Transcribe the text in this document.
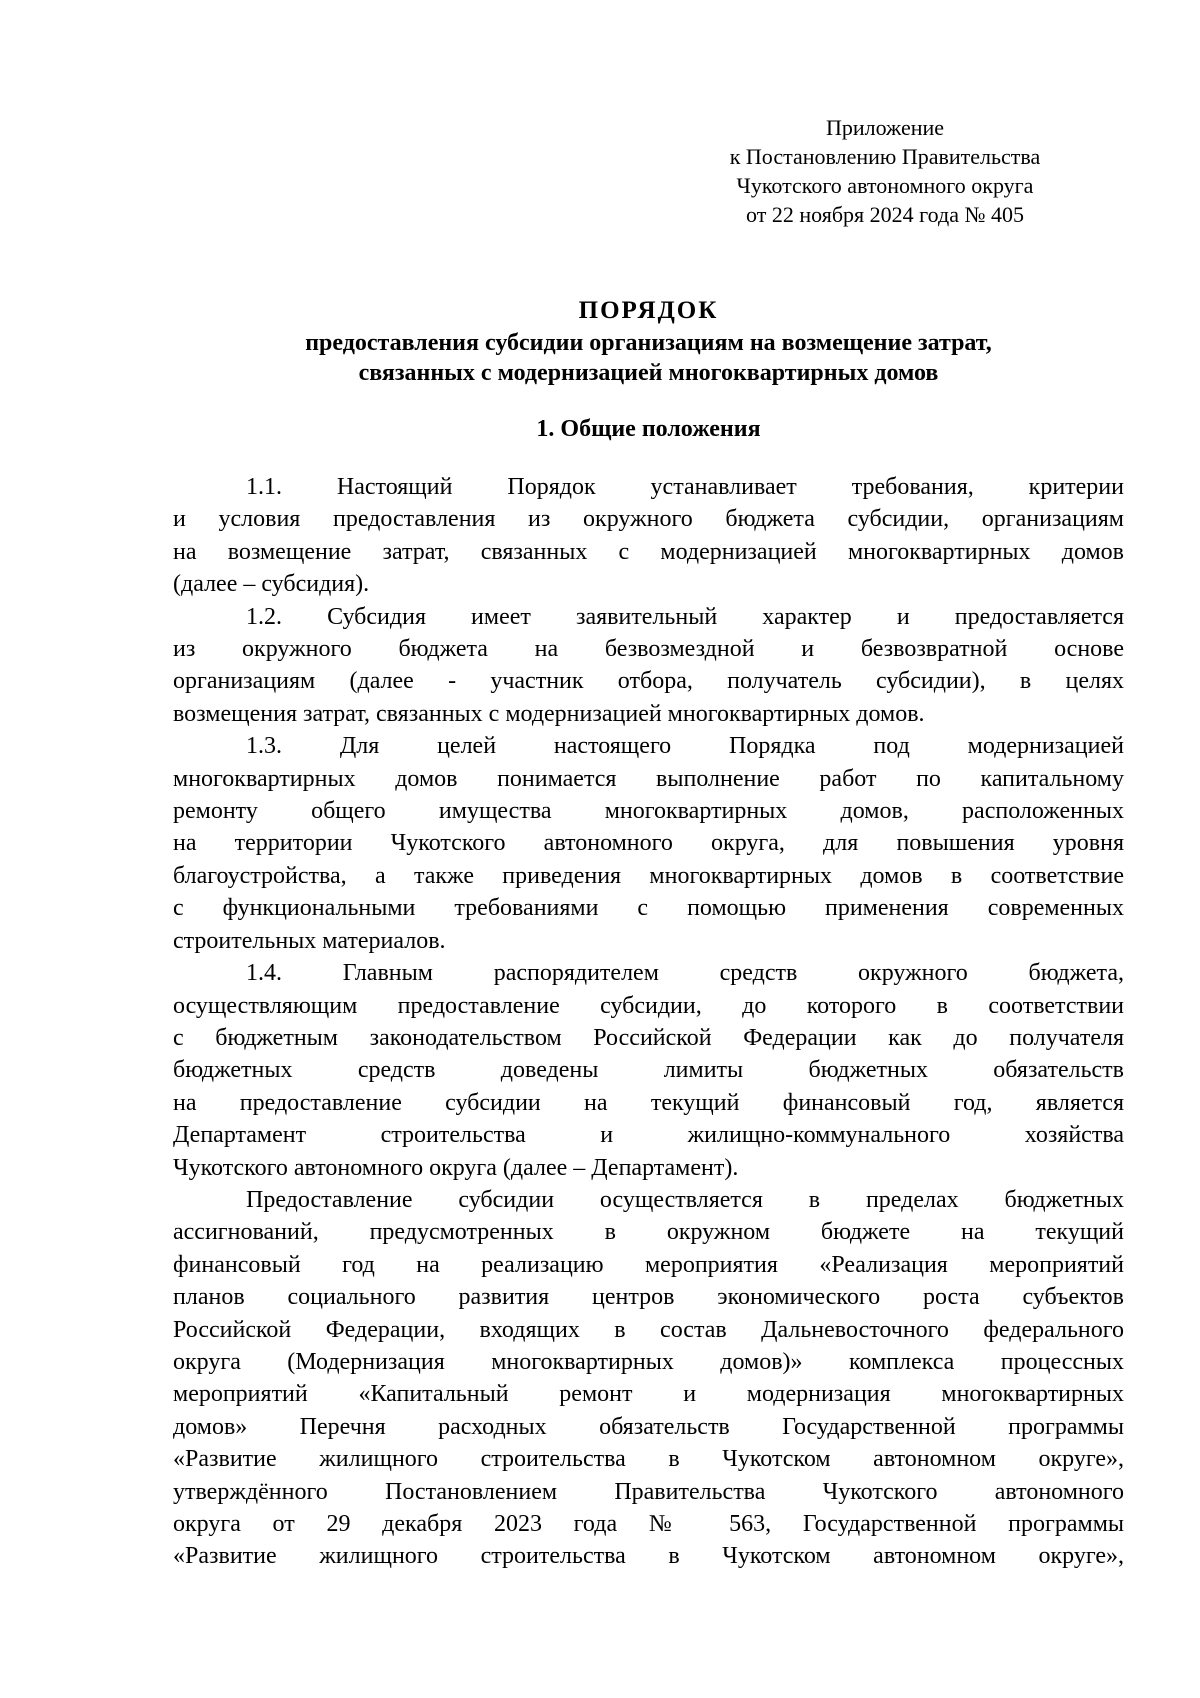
Приложение
к Постановлению Правительства
Чукотского автономного округа
от 22 ноября 2024 года № 405
ПОРЯДОК
предоставления субсидии организациям на возмещение затрат,
связанных с модернизацией многоквартирных домов
1. Общие положения
1.1. Настоящий Порядок устанавливает требования, критерии
и условия предоставления из окружного бюджета субсидии, организациям
на возмещение затрат, связанных с модернизацией многоквартирных домов
(далее – субсидия).
1.2. Субсидия имеет заявительный характер и предоставляется
из окружного бюджета на безвозмездной и безвозвратной основе
организациям (далее - участник отбора, получатель субсидии), в целях
возмещения затрат, связанных с модернизацией многоквартирных домов.
1.3. Для целей настоящего Порядка под модернизацией
многоквартирных домов понимается выполнение работ по капитальному
ремонту общего имущества многоквартирных домов, расположенных
на территории Чукотского автономного округа, для повышения уровня
благоустройства, а также приведения многоквартирных домов в соответствие
с функциональными требованиями с помощью применения современных
строительных материалов.
1.4. Главным распорядителем средств окружного бюджета,
осуществляющим предоставление субсидии, до которого в соответствии
с бюджетным законодательством Российской Федерации как до получателя
бюджетных средств доведены лимиты бюджетных обязательств
на предоставление субсидии на текущий финансовый год, является
Департамент строительства и жилищно-коммунального хозяйства
Чукотского автономного округа (далее – Департамент).
Предоставление субсидии осуществляется в пределах бюджетных
ассигнований, предусмотренных в окружном бюджете на текущий
финансовый год на реализацию мероприятия «Реализация мероприятий
планов социального развития центров экономического роста субъектов
Российской Федерации, входящих в состав Дальневосточного федерального
округа (Модернизация многоквартирных домов)» комплекса процессных
мероприятий «Капитальный ремонт и модернизация многоквартирных
домов» Перечня расходных обязательств Государственной программы
«Развитие жилищного строительства в Чукотском автономном округе»,
утверждённого Постановлением Правительства Чукотского автономного
округа от 29 декабря 2023 года № 563, Государственной программы
«Развитие жилищного строительства в Чукотском автономном округе»,
